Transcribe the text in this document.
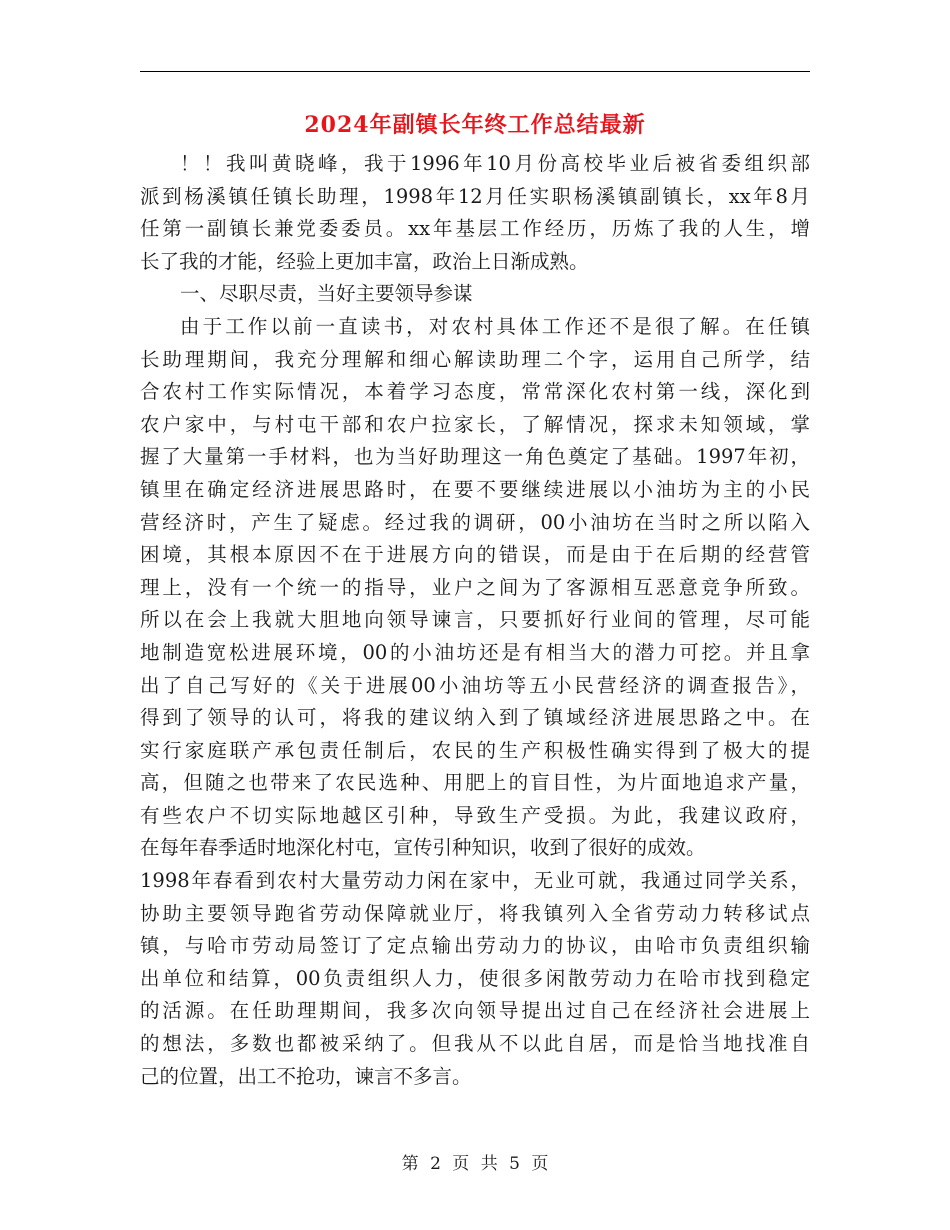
2024年副镇长年终工作总结最新
！！我叫黄晓峰，我于1996年10月份高校毕业后被省委组织部
派到杨溪镇任镇长助理，1998年12月任实职杨溪镇副镇长，xx年8月
任第一副镇长兼党委委员。xx年基层工作经历，历炼了我的人生，增
长了我的才能，经验上更加丰富，政治上日渐成熟。
一、尽职尽责，当好主要领导参谋
由于工作以前一直读书，对农村具体工作还不是很了解。在任镇
长助理期间，我充分理解和细心解读助理二个字，运用自己所学，结
合农村工作实际情况，本着学习态度，常常深化农村第一线，深化到
农户家中，与村屯干部和农户拉家长，了解情况，探求未知领域，掌
握了大量第一手材料，也为当好助理这一角色奠定了基础。1997年初，
镇里在确定经济进展思路时，在要不要继续进展以小油坊为主的小民
营经济时，产生了疑虑。经过我的调研，00小油坊在当时之所以陷入
困境，其根本原因不在于进展方向的错误，而是由于在后期的经营管
理上，没有一个统一的指导，业户之间为了客源相互恶意竞争所致。
所以在会上我就大胆地向领导谏言，只要抓好行业间的管理，尽可能
地制造宽松进展环境，00的小油坊还是有相当大的潜力可挖。并且拿
出了自己写好的《关于进展00小油坊等五小民营经济的调查报告》，
得到了领导的认可，将我的建议纳入到了镇域经济进展思路之中。在
实行家庭联产承包责任制后，农民的生产积极性确实得到了极大的提
高，但随之也带来了农民选种、用肥上的盲目性，为片面地追求产量，
有些农户不切实际地越区引种，导致生产受损。为此，我建议政府，
在每年春季适时地深化村屯，宣传引种知识，收到了很好的成效。
1998年春看到农村大量劳动力闲在家中，无业可就，我通过同学关系，
协助主要领导跑省劳动保障就业厅，将我镇列入全省劳动力转移试点
镇，与哈市劳动局签订了定点输出劳动力的协议，由哈市负责组织输
出单位和结算，00负责组织人力，使很多闲散劳动力在哈市找到稳定
的活源。在任助理期间，我多次向领导提出过自己在经济社会进展上
的想法，多数也都被采纳了。但我从不以此自居，而是恰当地找准自
己的位置，出工不抢功，谏言不多言。
第 2 页 共 5 页
